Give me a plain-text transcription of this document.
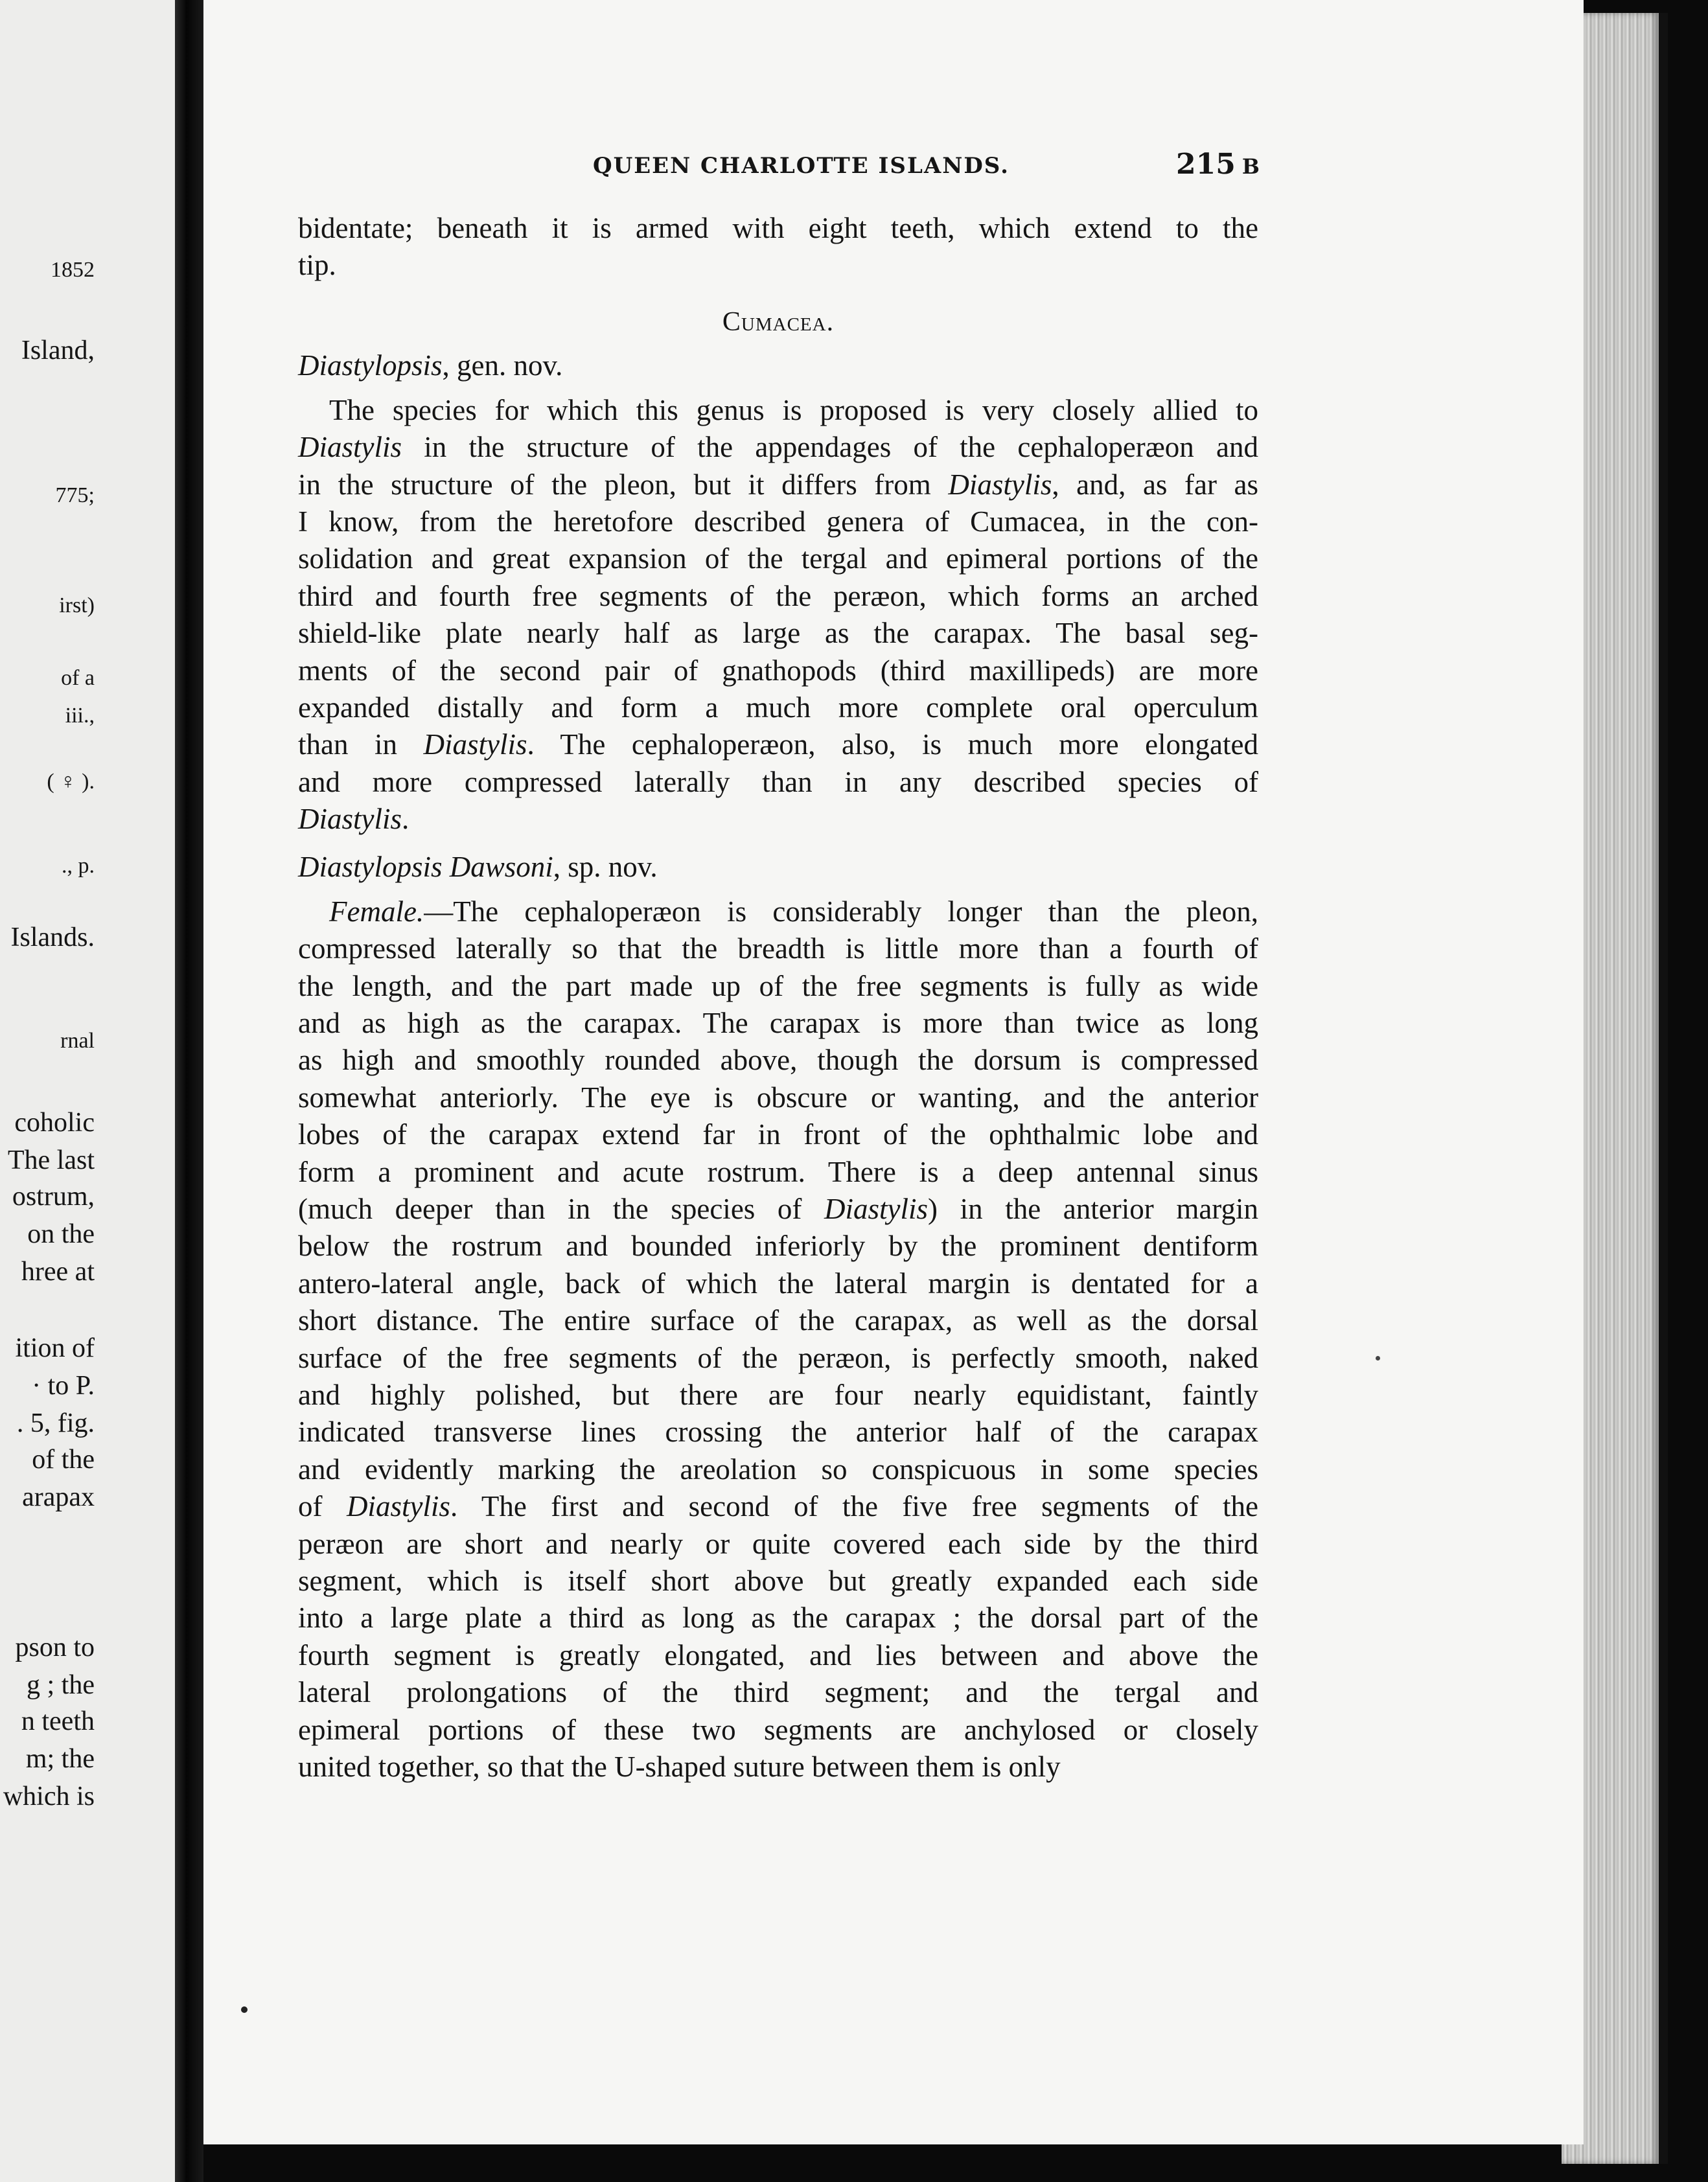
1852
Island,
775;
irst)
of a
iii.,
( ♀ ).
., p.
Islands.
rnal
coholic
The last
ostrum,
on the
hree at
ition of
· to P.
. 5, fig.
of the
arapax
pson to
g ; the
n teeth
m; the
which is
QUEEN CHARLOTTE ISLANDS.	215 B
bidentate; beneath it is armed with eight teeth, which extend to the
tip.
Cumacea.
Diastylopsis, gen. nov.
The species for which this genus is proposed is very closely allied to
Diastylis in the structure of the appendages of the cephaloperæon and
in the structure of the pleon, but it differs from Diastylis, and, as far as
I know, from the heretofore described genera of Cumacea, in the con-
solidation and great expansion of the tergal and epimeral portions of the
third and fourth free segments of the peræon, which forms an arched
shield-like plate nearly half as large as the carapax. The basal seg-
ments of the second pair of gnathopods (third maxillipeds) are more
expanded distally and form a much more complete oral operculum
than in Diastylis. The cephaloperæon, also, is much more elongated
and more compressed laterally than in any described species of
Diastylis.
Diastylopsis Dawsoni, sp. nov.
Female.—The cephaloperæon is considerably longer than the pleon,
compressed laterally so that the breadth is little more than a fourth of
the length, and the part made up of the free segments is fully as wide
and as high as the carapax. The carapax is more than twice as long
as high and smoothly rounded above, though the dorsum is compressed
somewhat anteriorly. The eye is obscure or wanting, and the anterior
lobes of the carapax extend far in front of the ophthalmic lobe and
form a prominent and acute rostrum. There is a deep antennal sinus
(much deeper than in the species of Diastylis) in the anterior margin
below the rostrum and bounded inferiorly by the prominent dentiform
antero-lateral angle, back of which the lateral margin is dentated for a
short distance. The entire surface of the carapax, as well as the dorsal
surface of the free segments of the peræon, is perfectly smooth, naked
and highly polished, but there are four nearly equidistant, faintly
indicated transverse lines crossing the anterior half of the carapax
and evidently marking the areolation so conspicuous in some species
of Diastylis. The first and second of the five free segments of the
peræon are short and nearly or quite covered each side by the third
segment, which is itself short above but greatly expanded each side
into a large plate a third as long as the carapax ; the dorsal part of the
fourth segment is greatly elongated, and lies between and above the
lateral prolongations of the third segment; and the tergal and
epimeral portions of these two segments are anchylosed or closely
united together, so that the U-shaped suture between them is only
